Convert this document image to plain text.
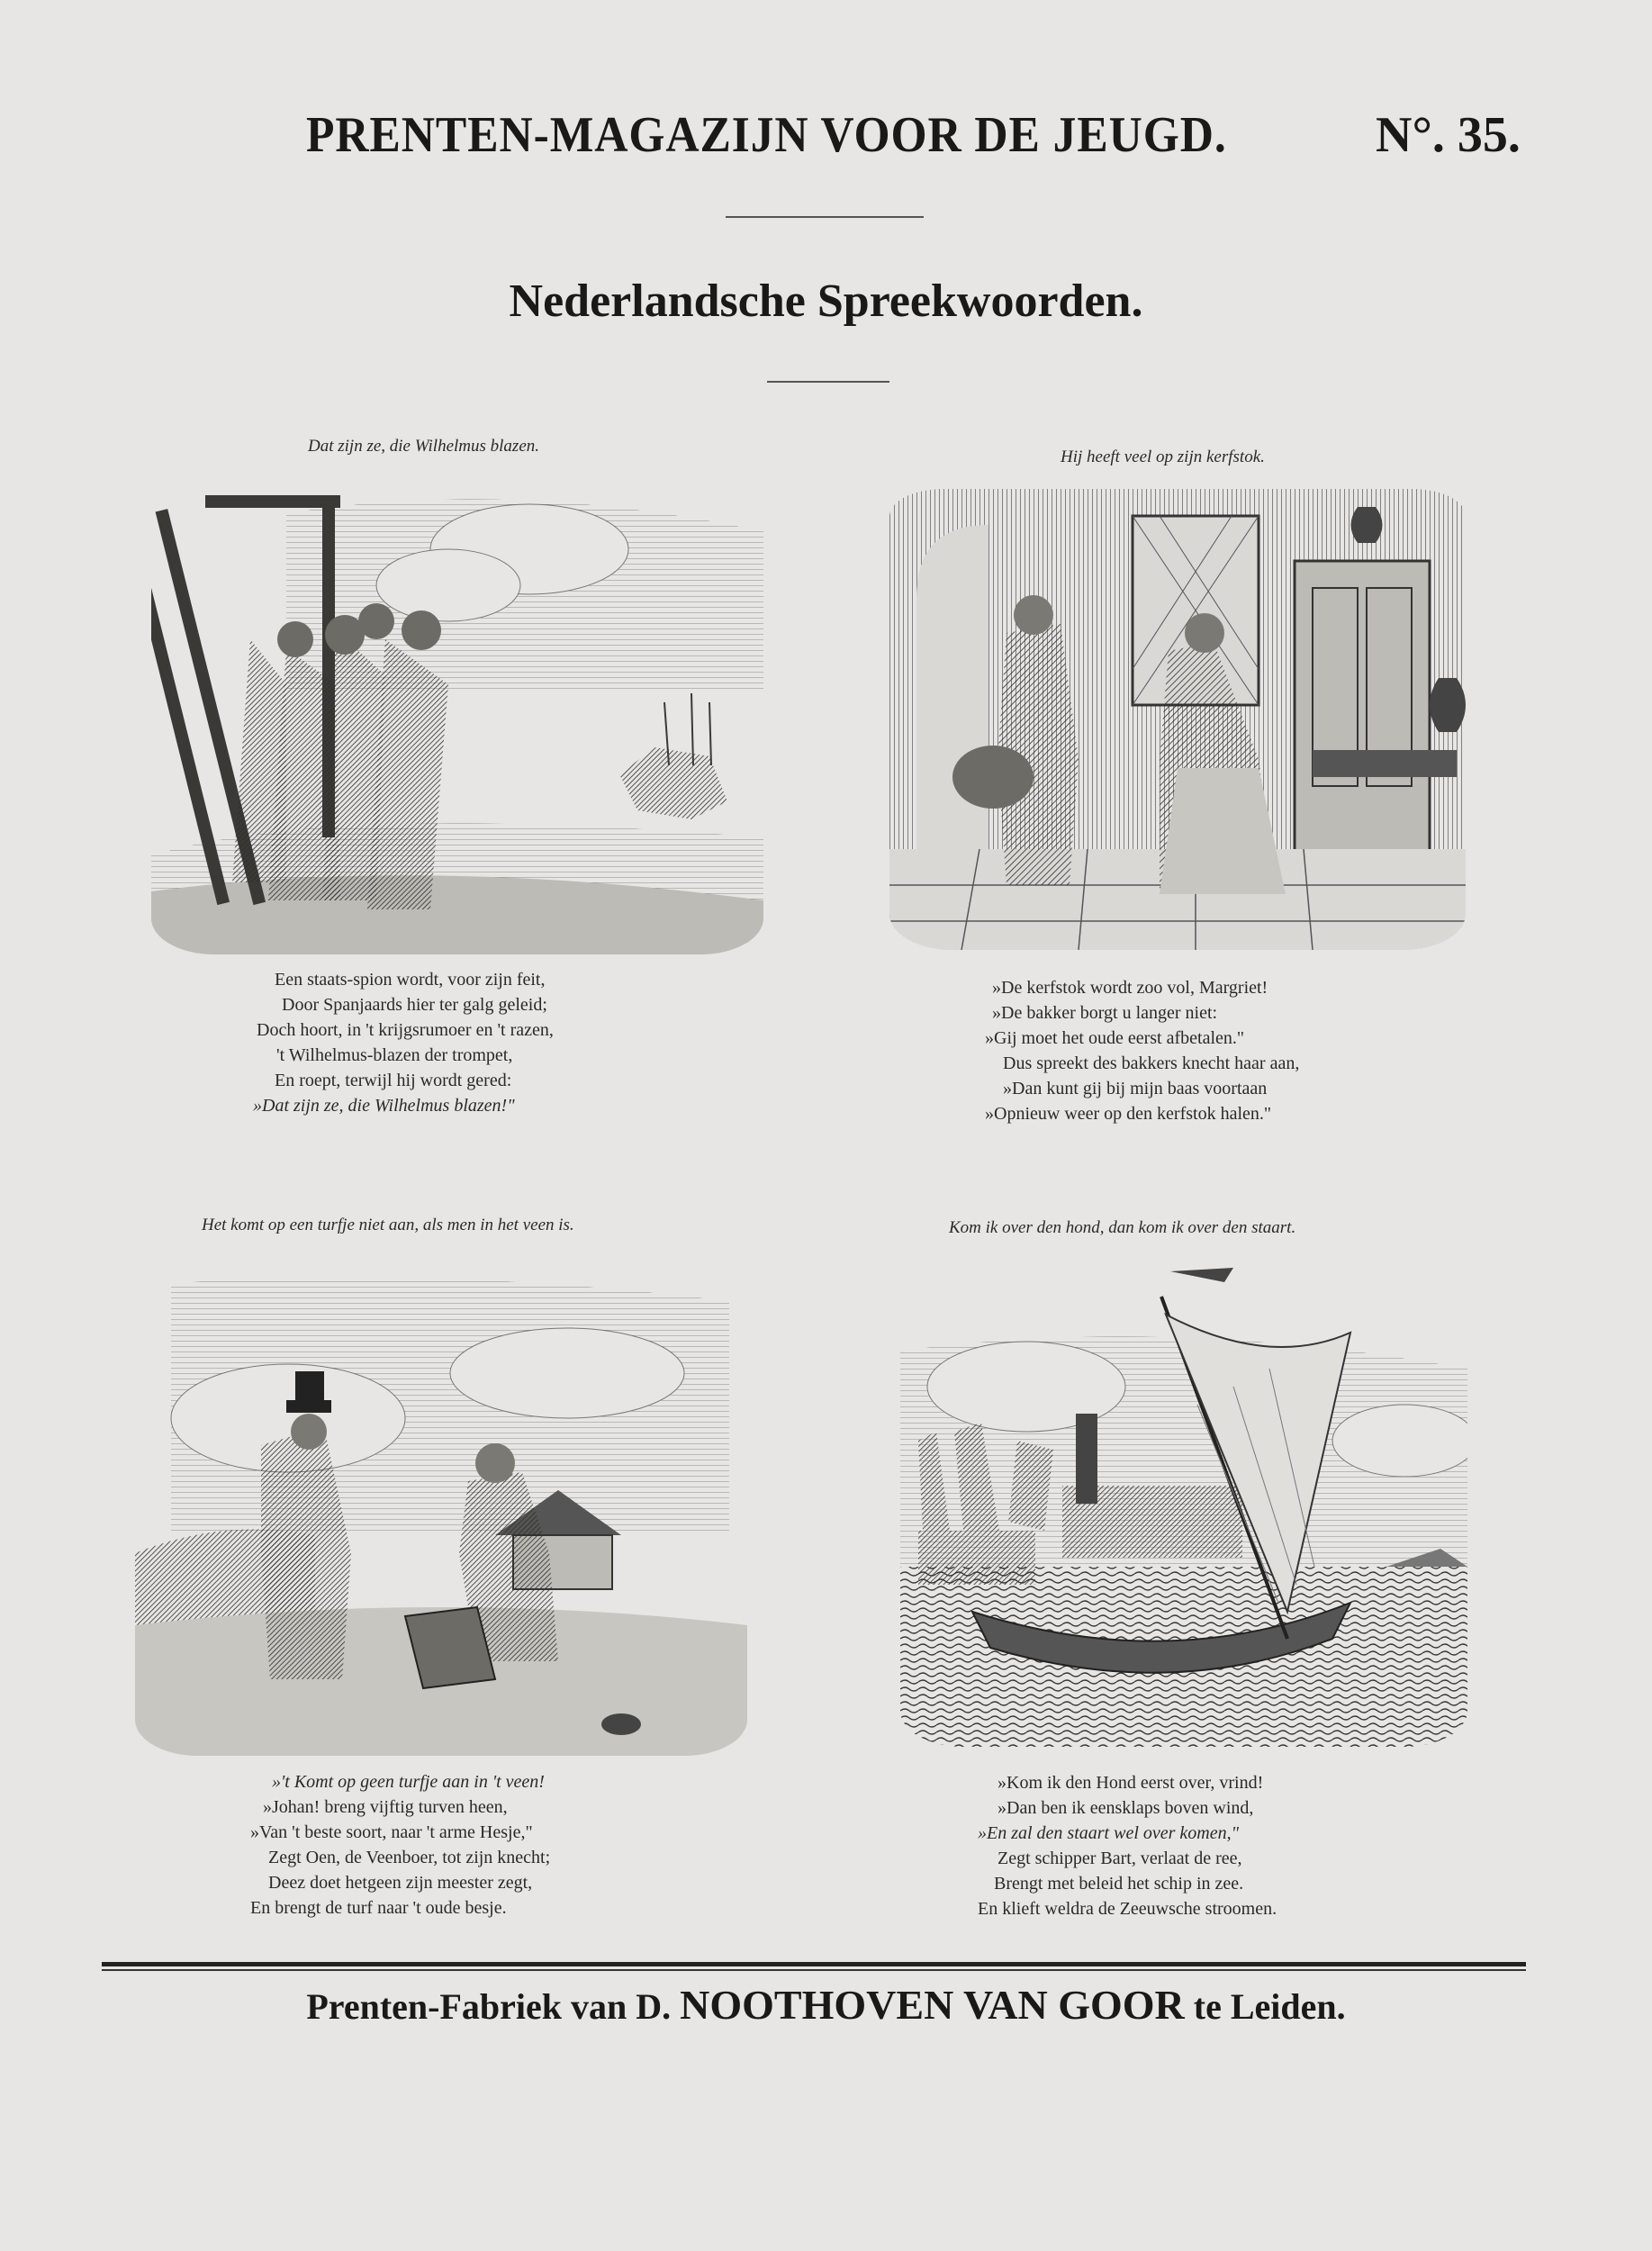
PRENTEN-MAGAZIJN VOOR DE JEUGD.	N°. 35.
Nederlandsche Spreekwoorden.
Dat zijn ze, die Wilhelmus blazen.
Een staats-spion wordt, voor zijn feit,
Door Spanjaards hier ter galg geleid;
Doch hoort, in 't krijgsrumoer en 't razen,
't Wilhelmus-blazen der trompet,
En roept, terwijl hij wordt gered:
»Dat zijn ze, die Wilhelmus blazen!"
Hij heeft veel op zijn kerfstok.
»De kerfstok wordt zoo vol, Margriet!
»De bakker borgt u langer niet:
»Gij moet het oude eerst afbetalen."
Dus spreekt des bakkers knecht haar aan,
»Dan kunt gij bij mijn baas voortaan
»Opnieuw weer op den kerfstok halen."
Het komt op een turfje niet aan, als men in het veen is.
»'t Komt op geen turfje aan in 't veen!
»Johan! breng vijftig turven heen,
»Van 't beste soort, naar 't arme Hesje,"
Zegt Oen, de Veenboer, tot zijn knecht;
Deez doet hetgeen zijn meester zegt,
En brengt de turf naar 't oude besje.
Kom ik over den hond, dan kom ik over den staart.
»Kom ik den Hond eerst over, vrind!
»Dan ben ik eensklaps boven wind,
»En zal den staart wel over komen,"
Zegt schipper Bart, verlaat de ree,
Brengt met beleid het schip in zee.
En klieft weldra de Zeeuwsche stroomen.
Prenten-Fabriek van D. NOOTHOVEN VAN GOOR te Leiden.
